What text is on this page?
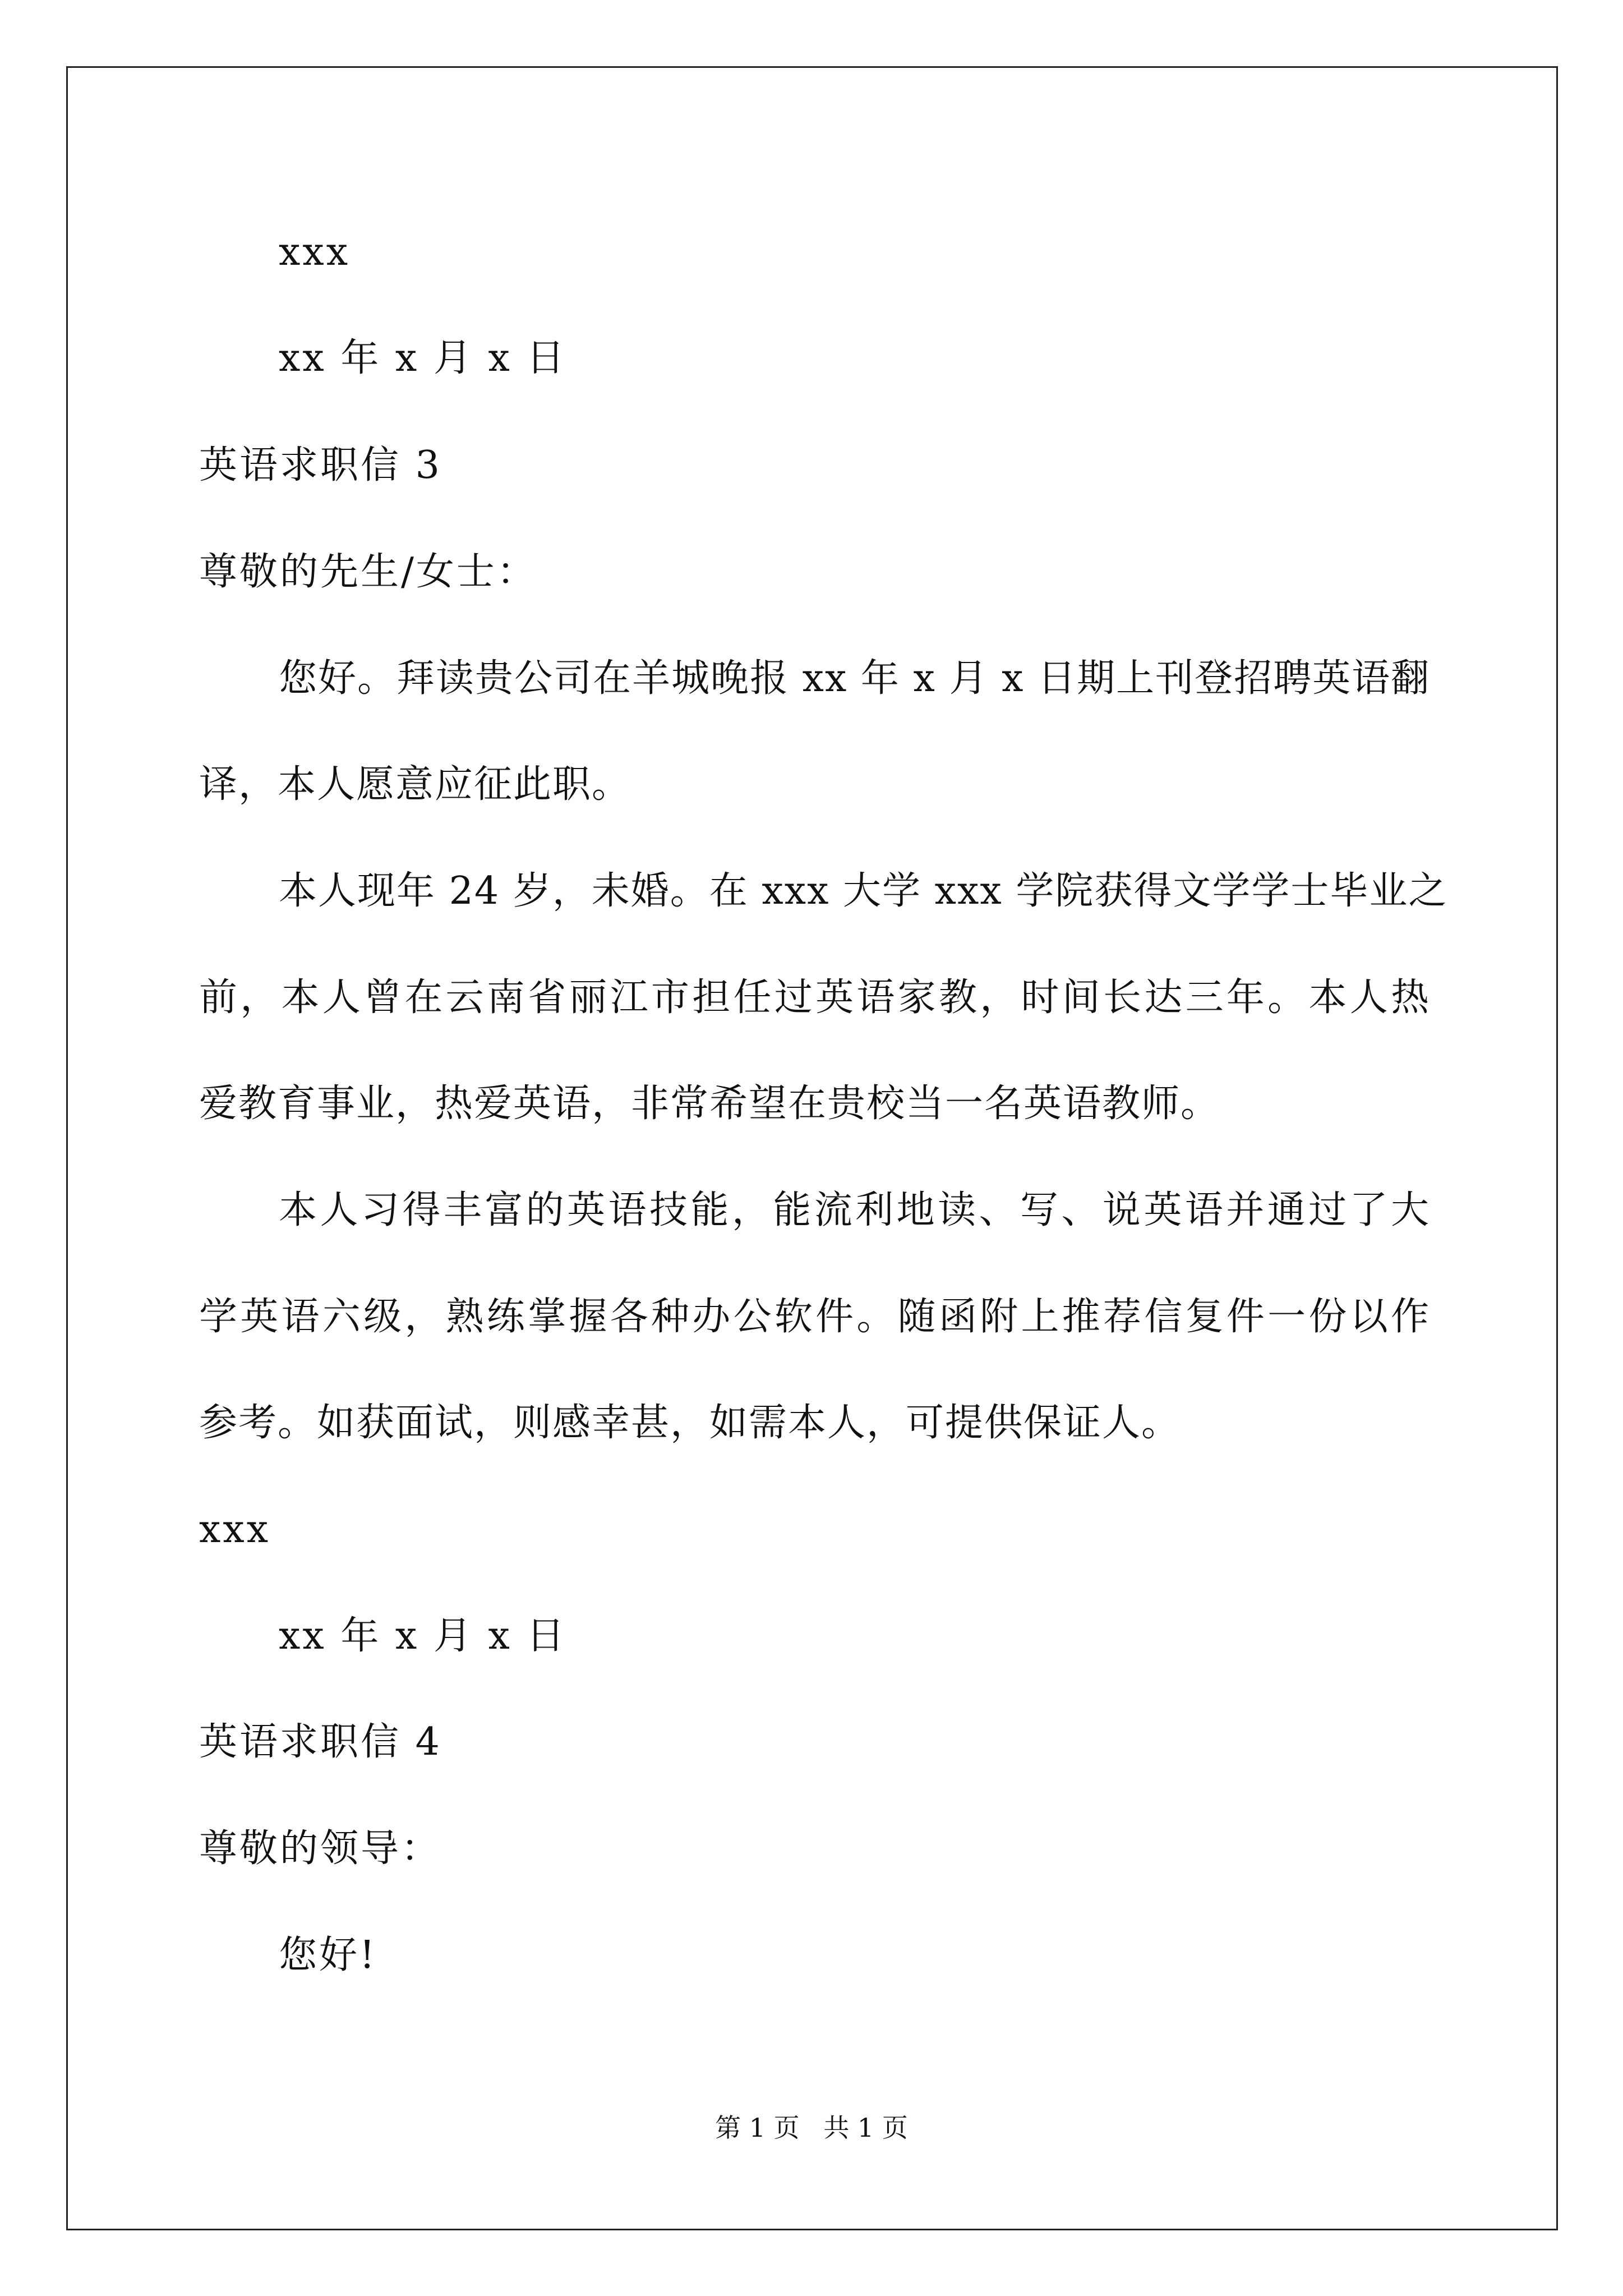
xxx
xx 年 x 月 x 日
英语求职信 3
尊敬的先生/女士：
您好。拜读贵公司在羊城晚报 xx 年 x 月 x 日期上刊登招聘英语翻
译，本人愿意应征此职。
本人现年 24 岁，未婚。在 xxx 大学 xxx 学院获得文学学士毕业之
前，本人曾在云南省丽江市担任过英语家教，时间长达三年。本人热
爱教育事业，热爱英语，非常希望在贵校当一名英语教师。
本人习得丰富的英语技能，能流利地读、写、说英语并通过了大
学英语六级，熟练掌握各种办公软件。随函附上推荐信复件一份以作
参考。如获面试，则感幸甚，如需本人，可提供保证人。
xxx
xx 年 x 月 x 日
英语求职信 4
尊敬的领导：
您好!
第 1 页 共 1 页
